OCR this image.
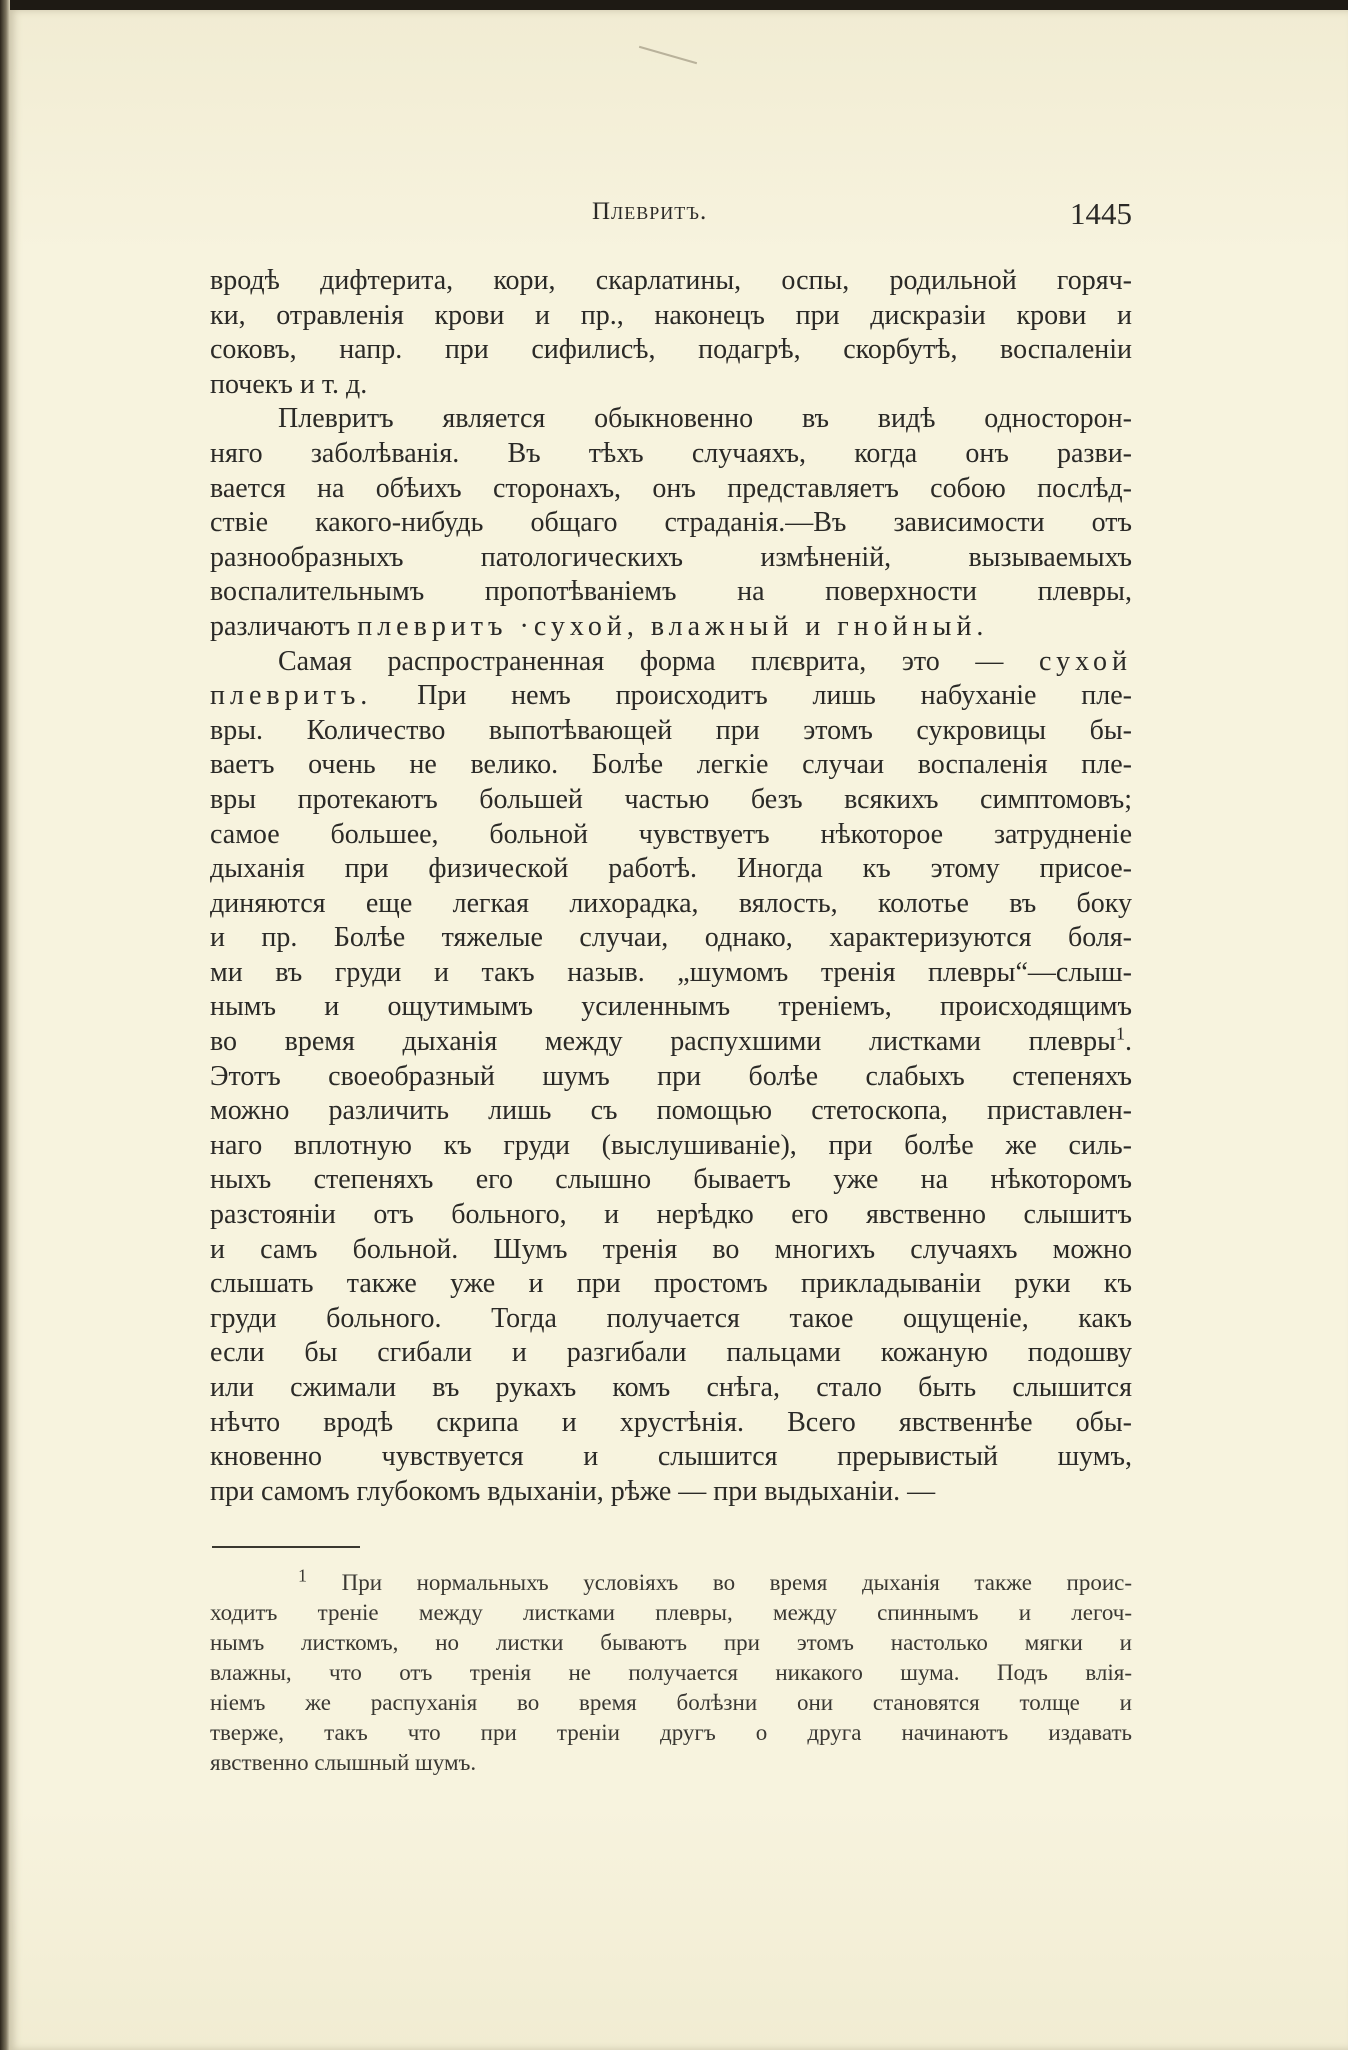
Плевритъ.	1445
вродѣ дифтерита, кори, скарлатины, оспы, родильной горяч-
ки, отравленія крови и пр., наконецъ при дискразіи крови и
соковъ, напр. при сифилисѣ, подагрѣ, скорбутѣ, воспаленіи
почекъ и т. д.
Плевритъ является обыкновенно въ видѣ односторон-
няго заболѣванія. Въ тѣхъ случаяхъ, когда онъ разви-
вается на обѣихъ сторонахъ, онъ представляетъ собою послѣд-
ствіе какого-нибудь общаго страданія.—Въ зависимости отъ
разнообразныхъ патологическихъ измѣненій, вызываемыхъ
воспалительнымъ пропотѣваніемъ на поверхности плевры,
различаютъ плевритъ ·сухой, влажный и гнойный.
Самая распространенная форма плєврита, это — сухой
плевритъ. При немъ происходитъ лишь набуханіе пле-
вры. Количество выпотѣвающей при этомъ сукровицы бы-
ваетъ очень не велико. Болѣе легкіе случаи воспаленія пле-
вры протекаютъ большей частью безъ всякихъ симптомовъ;
самое большее, больной чувствуетъ нѣкоторое затрудненіе
дыханія при физической работѣ. Иногда къ этому присое-
диняются еще легкая лихорадка, вялость, колотье въ боку
и пр. Болѣе тяжелые случаи, однако, характеризуются боля-
ми въ груди и такъ назыв. „шумомъ тренія плевры“—слыш-
нымъ и ощутимымъ усиленнымъ треніемъ, происходящимъ
во время дыханія между распухшими листками плевры$^1$.
Этотъ своеобразный шумъ при болѣе слабыхъ степеняхъ
можно различить лишь съ помощью стетоскопа, приставлен-
наго вплотную къ груди (выслушиваніе), при болѣе же силь-
ныхъ степеняхъ его слышно бываетъ уже на нѣкоторомъ
разстояніи отъ больного, и нерѣдко его явственно слышитъ
и самъ больной. Шумъ тренія во многихъ случаяхъ можно
слышать также уже и при простомъ прикладываніи руки къ
груди больного. Тогда получается такое ощущеніе, какъ
если бы сгибали и разгибали пальцами кожаную подошву
или сжимали въ рукахъ комъ снѣга, стало быть слышится
нѣчто вродѣ скрипа и хрустѣнія. Всего явственнѣе обы-
кновенно чувствуется и слышится прерывистый шумъ,
при самомъ глубокомъ вдыханіи, рѣже — при выдыханіи. —
$^1$ При нормальныхъ условіяхъ во время дыханія также проис-
ходитъ треніе между листками плевры, между спиннымъ и легоч-
нымъ листкомъ, но листки бываютъ при этомъ настолько мягки и
влажны, что отъ тренія не получается никакого шума. Подъ влія-
ніемъ же распуханія во время болѣзни они становятся толще и
тверже, такъ что при треніи другъ о друга начинаютъ издавать
явственно слышный шумъ.
